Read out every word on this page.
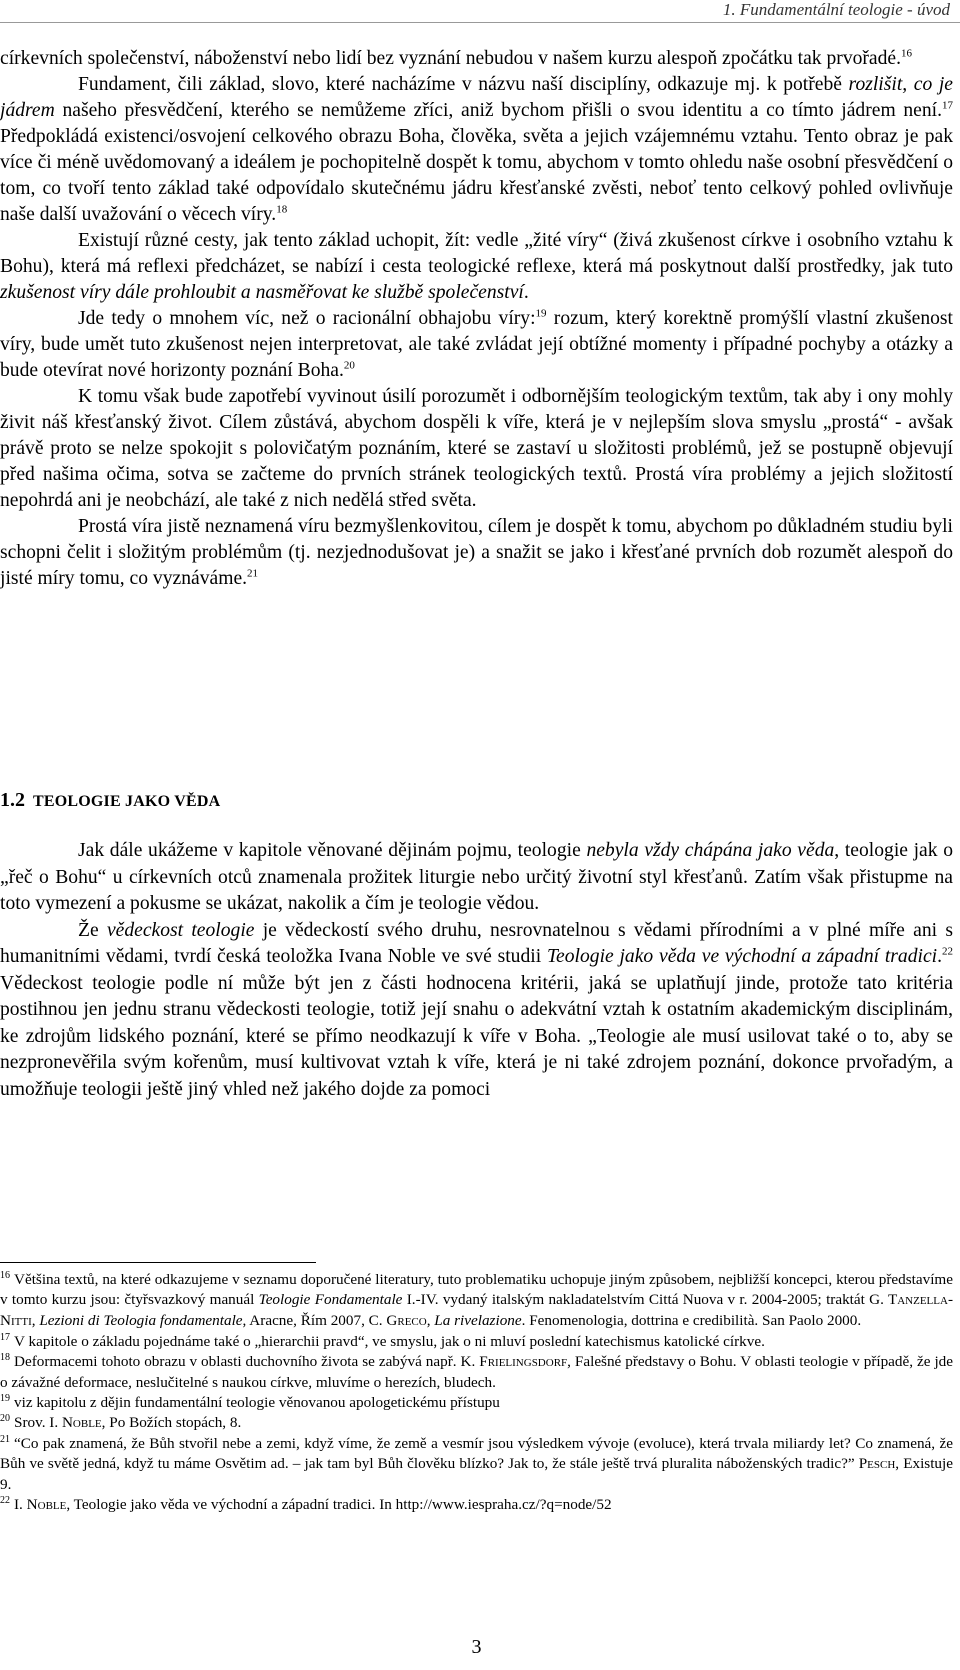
1. Fundamentální teologie - úvod

církevních společenství, náboženství nebo lidí bez vyznání nebudou v našem kurzu alespoň zpočátku tak prvořadé.$^{16}$

Fundament, čili základ, slovo, které nacházíme v názvu naší disciplíny, odkazuje mj. k potřebě rozlišit, co je jádrem našeho přesvědčení, kterého se nemůžeme zříci, aniž bychom přišli o svou identitu a co tímto jádrem není.$^{17}$ Předpokládá existenci/osvojení celkového obrazu Boha, člověka, světa a jejich vzájemnému vztahu. Tento obraz je pak více či méně uvědomovaný a ideálem je pochopitelně dospět k tomu, abychom v tomto ohledu naše osobní přesvědčení o tom, co tvoří tento základ také odpovídalo skutečnému jádru křesťanské zvěsti, neboť tento celkový pohled ovlivňuje naše další uvažování o věcech víry.$^{18}$

Existují různé cesty, jak tento základ uchopit, žít: vedle „žité víry“ (živá zkušenost církve i osobního vztahu k Bohu), která má reflexi předcházet, se nabízí i cesta teologické reflexe, která má poskytnout další prostředky, jak tuto zkušenost víry dále prohloubit a nasměřovat ke službě společenství.

Jde tedy o mnohem víc, než o racionální obhajobu víry:$^{19}$ rozum, který korektně promýšlí vlastní zkušenost víry, bude umět tuto zkušenost nejen interpretovat, ale také zvládat její obtížné momenty i případné pochyby a otázky a bude otevírat nové horizonty poznání Boha.$^{20}$

K tomu však bude zapotřebí vyvinout úsilí porozumět i odbornějším teologickým textům, tak aby i ony mohly živit náš křesťanský život. Cílem zůstává, abychom dospěli k víře, která je v nejlepším slova smyslu „prostá“ - avšak právě proto se nelze spokojit s polovičatým poznáním, které se zastaví u složitosti problémů, jež se postupně objevují před našima očima, sotva se začteme do prvních stránek teologických textů. Prostá víra problémy a jejich složitostí nepohrdá ani je neobchází, ale také z nich nedělá střed světa.

Prostá víra jistě neznamená víru bezmyšlenkovitou, cílem je dospět k tomu, abychom po důkladném studiu byli schopni čelit i složitým problémům (tj. nezjednodušovat je) a snažit se jako i křesťané prvních dob rozumět alespoň do jisté míry tomu, co vyznáváme.$^{21}$

1.2 TEOLOGIE JAKO VĚDA

Jak dále ukážeme v kapitole věnované dějinám pojmu, teologie nebyla vždy chápána jako věda, teologie jak o „řeč o Bohu“ u církevních otců znamenala prožitek liturgie nebo určitý životní styl křesťanů. Zatím však přistupme na toto vymezení a pokusme se ukázat, nakolik a čím je teologie vědou.

Že vědeckost teologie je vědeckostí svého druhu, nesrovnatelnou s vědami přírodními a v plné míře ani s humanitními vědami, tvrdí česká teoložka Ivana Noble ve své studii Teologie jako věda ve východní a západní tradici.$^{22}$ Vědeckost teologie podle ní může být jen z části hodnocena kritérii, jaká se uplatňují jinde, protože tato kritéria postihnou jen jednu stranu vědeckosti teologie, totiž její snahu o adekvátní vztah k ostatním akademickým disciplinám, ke zdrojům lidského poznání, které se přímo neodkazují k víře v Boha. „Teologie ale musí usilovat také o to, aby se nezpronevěřila svým kořenům, musí kultivovat vztah k víře, která je ni také zdrojem poznání, dokonce prvořadým, a umožňuje teologii ještě jiný vhled než jakého dojde za pomoci

$^{16}$ Většina textů, na které odkazujeme v seznamu doporučené literatury, tuto problematiku uchopuje jiným způsobem, nejbližší koncepci, kterou představíme v tomto kurzu jsou: čtyřsvazkový manuál Teologie Fondamentale I.-IV. vydaný italským nakladatelstvím Cittá Nuova v r. 2004-2005; traktát G. TANZELLA-NITTI, Lezioni di Teologia fondamentale, Aracne, Řím 2007, C. GRECO, La rivelazione. Fenomenologia, dottrina e credibilità. San Paolo 2000.

$^{17}$ V kapitole o základu pojednáme také o „hierarchii pravd“, ve smyslu, jak o ni mluví poslední katechismus katolické církve.

$^{18}$ Deformacemi tohoto obrazu v oblasti duchovního života se zabývá např. K. FRIELINGSDORF, Falešné představy o Bohu. V oblasti teologie v případě, že jde o závažné deformace, neslučitelné s naukou církve, mluvíme o herezích, bludech.

$^{19}$ viz kapitolu z dějin fundamentální teologie věnovanou apologetickému přístupu

$^{20}$ Srov. I. NOBLE, Po Božích stopách, 8.

$^{21}$ “Co pak znamená, že Bůh stvořil nebe a zemi, když víme, že země a vesmír jsou výsledkem vývoje (evoluce), která trvala miliardy let? Co znamená, že Bůh ve světě jedná, když tu máme Osvětim ad. – jak tam byl Bůh člověku blízko? Jak to, že stále ještě trvá pluralita náboženských tradic?” PESCH, Existuje 9.

$^{22}$ I. NOBLE, Teologie jako věda ve východní a západní tradici. In http://www.iespraha.cz/?q=node/52

3
